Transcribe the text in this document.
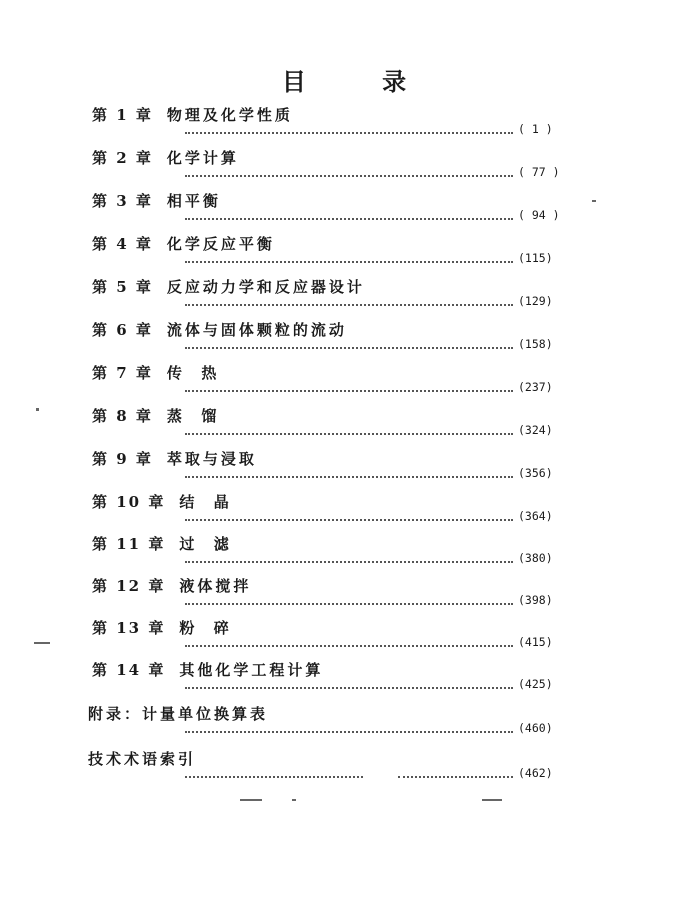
目 录
第 1 章 物理及化学性质
( 1 )
第 2 章 化学计算
( 77 )
第 3 章 相平衡
( 94 )
第 4 章 化学反应平衡
(115)
第 5 章 反应动力学和反应器设计
(129)
第 6 章 流体与固体颗粒的流动
(158)
第 7 章 传  热
(237)
第 8 章 蒸  馏
(324)
第 9 章 萃取与浸取
(356)
第 10 章 结  晶
(364)
第 11 章 过  滤
(380)
第 12 章 液体搅拌
(398)
第 13 章 粉  碎
(415)
第 14 章 其他化学工程计算
(425)
附录：计量单位换算表
(460)
技术术语索引
(462)
